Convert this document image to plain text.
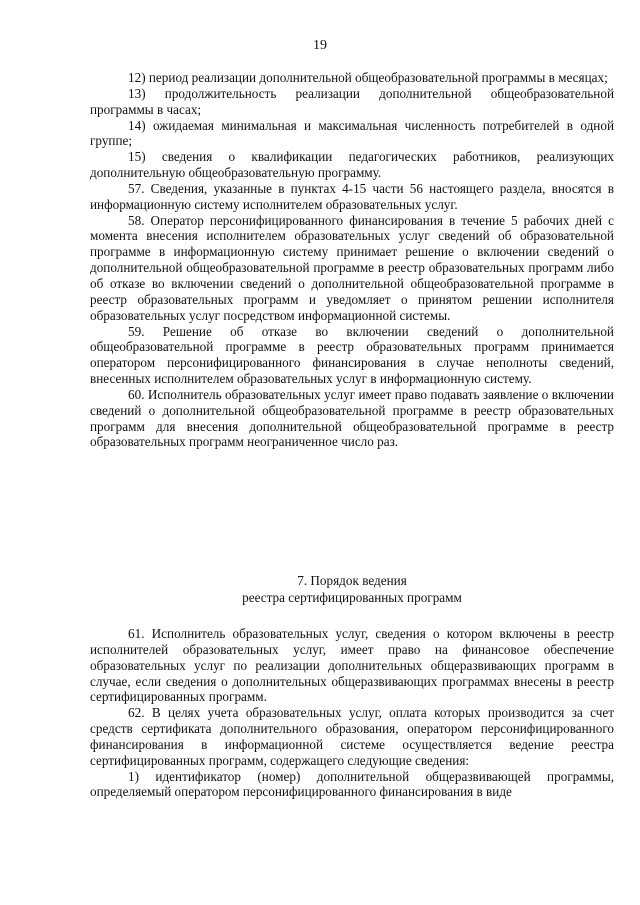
19

12) период реализации дополнительной общеобразовательной программы в месяцах;

13) продолжительность реализации дополнительной общеобразовательной программы в часах;

14) ожидаемая минимальная и максимальная численность потребителей в одной группе;

15) сведения о квалификации педагогических работников, реализующих дополнительную общеобразовательную программу.

57. Сведения, указанные в пунктах 4-15 части 56 настоящего раздела, вносятся в информационную систему исполнителем образовательных услуг.

58. Оператор персонифицированного финансирования в течение 5 рабочих дней с момента внесения исполнителем образовательных услуг сведений об образовательной программе в информационную систему принимает решение о включении сведений о дополнительной общеобразовательной программе в реестр образовательных программ либо об отказе во включении сведений о дополнительной общеобразовательной программе в реестр образовательных программ и уведомляет о принятом решении исполнителя образовательных услуг посредством информационной системы.

59. Решение об отказе во включении сведений о дополнительной общеобразовательной программе в реестр образовательных программ принимается оператором персонифицированного финансирования в случае неполноты сведений, внесенных исполнителем образовательных услуг в информационную систему.

60. Исполнитель образовательных услуг имеет право подавать заявление о включении сведений о дополнительной общеобразовательной программе в реестр образовательных программ для внесения дополнительной общеобразовательной программе в реестр образовательных программ неограниченное число раз.

7. Порядок ведения
реестра сертифицированных программ

61. Исполнитель образовательных услуг, сведения о котором включены в реестр исполнителей образовательных услуг, имеет право на финансовое обеспечение образовательных услуг по реализации дополнительных общеразвивающих программ в случае, если сведения о дополнительных общеразвивающих программах внесены в реестр сертифицированных программ.

62. В целях учета образовательных услуг, оплата которых производится за счет средств сертификата дополнительного образования, оператором персонифицированного финансирования в информационной системе осуществляется ведение реестра сертифицированных программ, содержащего следующие сведения:

1) идентификатор (номер) дополнительной общеразвивающей программы, определяемый оператором персонифицированного финансирования в виде
